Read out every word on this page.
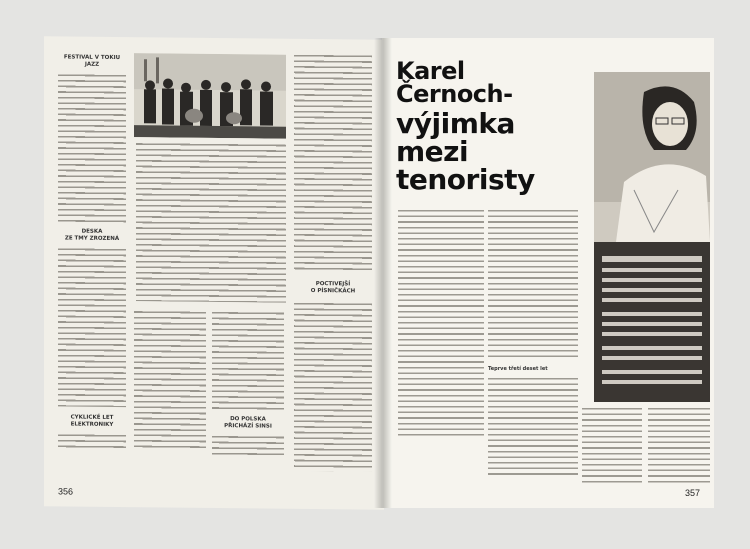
FESTIVAL V TOKIU
JAZZ
DESKA
ZE TMY ZROZENÁ
CYKLICKÉ LET
ELEKTRONIKY
DO POLSKA
PŘICHÁZÍ SINSI
POCTIVEJŠÍ
O PÍSNIČKÁCH
356
Karel
Černoch-
výjimka
mezi
tenoristy
Teprve třetí deset let
357
